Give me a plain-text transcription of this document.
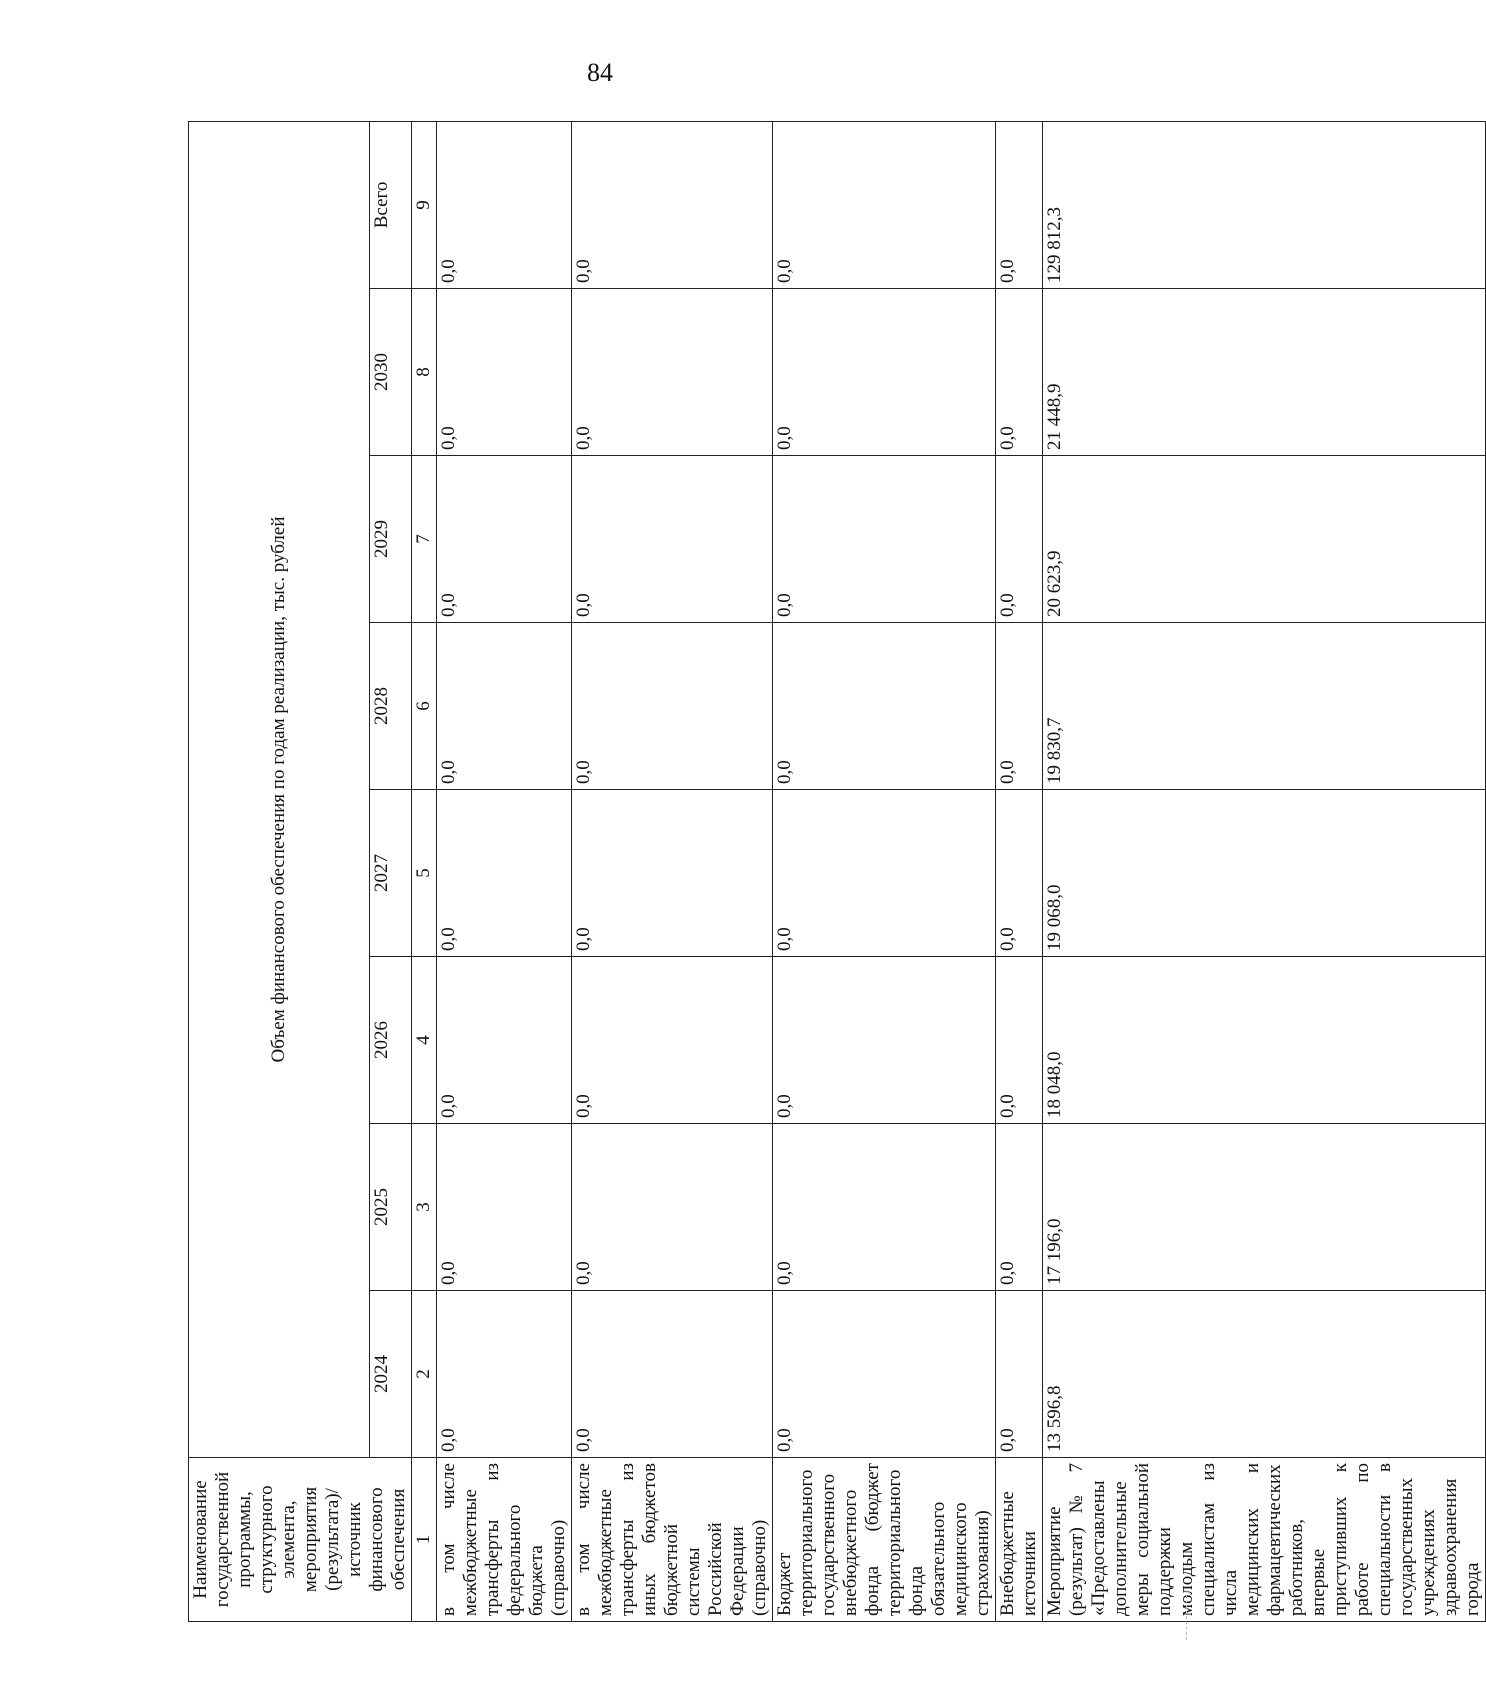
84
Наименование государственной программы, структурного элемента, мероприятия (результата)/источник финансового обеспечения	Объем финансового обеспечения по годам реализации, тыс. рублей							
	2024	2025	2026	2027	2028	2029	2030	Всего
1	2	3	4	5	6	7	8	9
в том числе межбюджетные трансферты из федерального бюджета (справочно)	0,0	0,0	0,0	0,0	0,0	0,0	0,0	0,0
в том числе межбюджетные трансферты из иных бюджетов бюджетной системы Российской Федерации (справочно)	0,0	0,0	0,0	0,0	0,0	0,0	0,0	0,0
Бюджет территориального государственного внебюджетного фонда (бюджет территориального фонда обязательного медицинского страхования)	0,0	0,0	0,0	0,0	0,0	0,0	0,0	0,0
Внебюджетные источники	0,0	0,0	0,0	0,0	0,0	0,0	0,0	0,0
Мероприятие (результат) № 7 «Предоставлены дополнительные меры социальной поддержки молодым специалистам из числа медицинских и фармацевтических работников, впервые приступивших к работе по специальности в государственных учреждениях здравоохранения города	13 596,8	17 196,0	18 048,0	19 068,0	19 830,7	20 623,9	21 448,9	129 812,3
